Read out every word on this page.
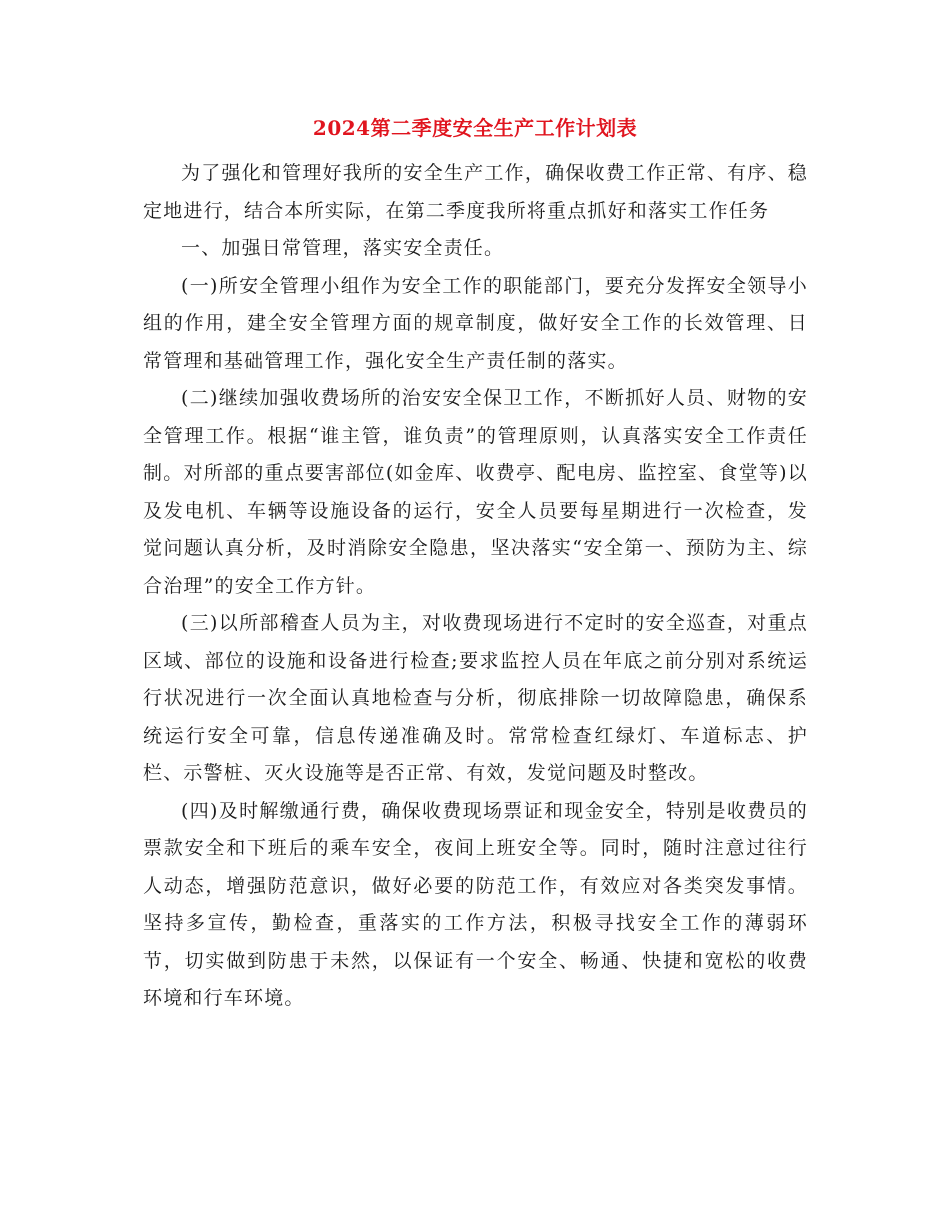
2024第二季度安全生产工作计划表

为了强化和管理好我所的安全生产工作，确保收费工作正常、有序、稳定地进行，结合本所实际，在第二季度我所将重点抓好和落实工作任务

一、加强日常管理，落实安全责任。

(一)所安全管理小组作为安全工作的职能部门，要充分发挥安全领导小组的作用，建全安全管理方面的规章制度，做好安全工作的长效管理、日常管理和基础管理工作，强化安全生产责任制的落实。

(二)继续加强收费场所的治安安全保卫工作，不断抓好人员、财物的安全管理工作。根据“谁主管，谁负责”的管理原则，认真落实安全工作责任制。对所部的重点要害部位(如金库、收费亭、配电房、监控室、食堂等)以及发电机、车辆等设施设备的运行，安全人员要每星期进行一次检查，发觉问题认真分析，及时消除安全隐患，坚决落实“安全第一、预防为主、综合治理”的安全工作方针。

(三)以所部稽查人员为主，对收费现场进行不定时的安全巡查，对重点区域、部位的设施和设备进行检查;要求监控人员在年底之前分别对系统运行状况进行一次全面认真地检查与分析，彻底排除一切故障隐患，确保系统运行安全可靠，信息传递准确及时。常常检查红绿灯、车道标志、护栏、示警桩、灭火设施等是否正常、有效，发觉问题及时整改。

(四)及时解缴通行费，确保收费现场票证和现金安全，特别是收费员的票款安全和下班后的乘车安全，夜间上班安全等。同时，随时注意过往行人动态，增强防范意识，做好必要的防范工作，有效应对各类突发事情。坚持多宣传，勤检查，重落实的工作方法，积极寻找安全工作的薄弱环节，切实做到防患于未然，以保证有一个安全、畅通、快捷和宽松的收费环境和行车环境。
